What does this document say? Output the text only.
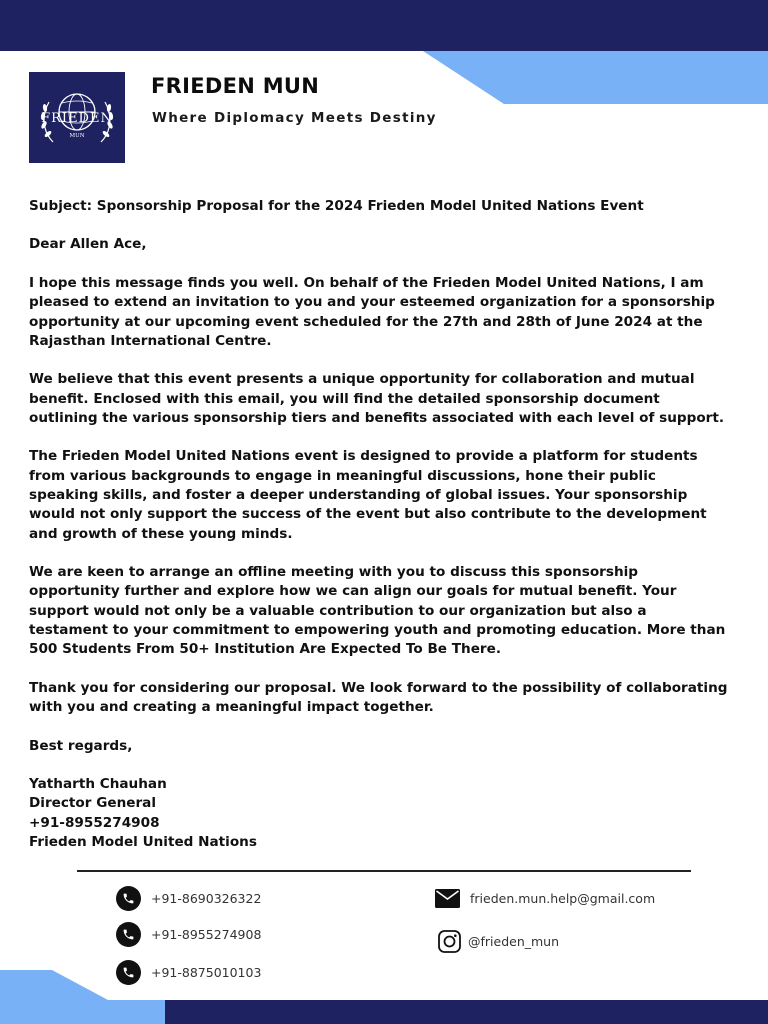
FRIEDEN
MUN
FRIEDEN MUN
Where Diplomacy Meets Destiny

Subject: Sponsorship Proposal for the 2024 Frieden Model United Nations Event

Dear Allen Ace,

I hope this message finds you well. On behalf of the Frieden Model United Nations, I am pleased to extend an invitation to you and your esteemed organization for a sponsorship opportunity at our upcoming event scheduled for the 27th and 28th of June 2024 at the Rajasthan International Centre.

We believe that this event presents a unique opportunity for collaboration and mutual benefit. Enclosed with this email, you will find the detailed sponsorship document outlining the various sponsorship tiers and benefits associated with each level of support.

The Frieden Model United Nations event is designed to provide a platform for students from various backgrounds to engage in meaningful discussions, hone their public speaking skills, and foster a deeper understanding of global issues. Your sponsorship would not only support the success of the event but also contribute to the development and growth of these young minds.

We are keen to arrange an offline meeting with you to discuss this sponsorship opportunity further and explore how we can align our goals for mutual benefit. Your support would not only be a valuable contribution to our organization but also a testament to your commitment to empowering youth and promoting education. More than 500 Students From 50+ Institution Are Expected To Be There.

Thank you for considering our proposal. We look forward to the possibility of collaborating with you and creating a meaningful impact together.

Best regards,

Yatharth Chauhan
Director General
+91-8955274908
Frieden Model United Nations
+91-8690326322
+91-8955274908
+91-8875010103
frieden.mun.help@gmail.com
@frieden_mun
